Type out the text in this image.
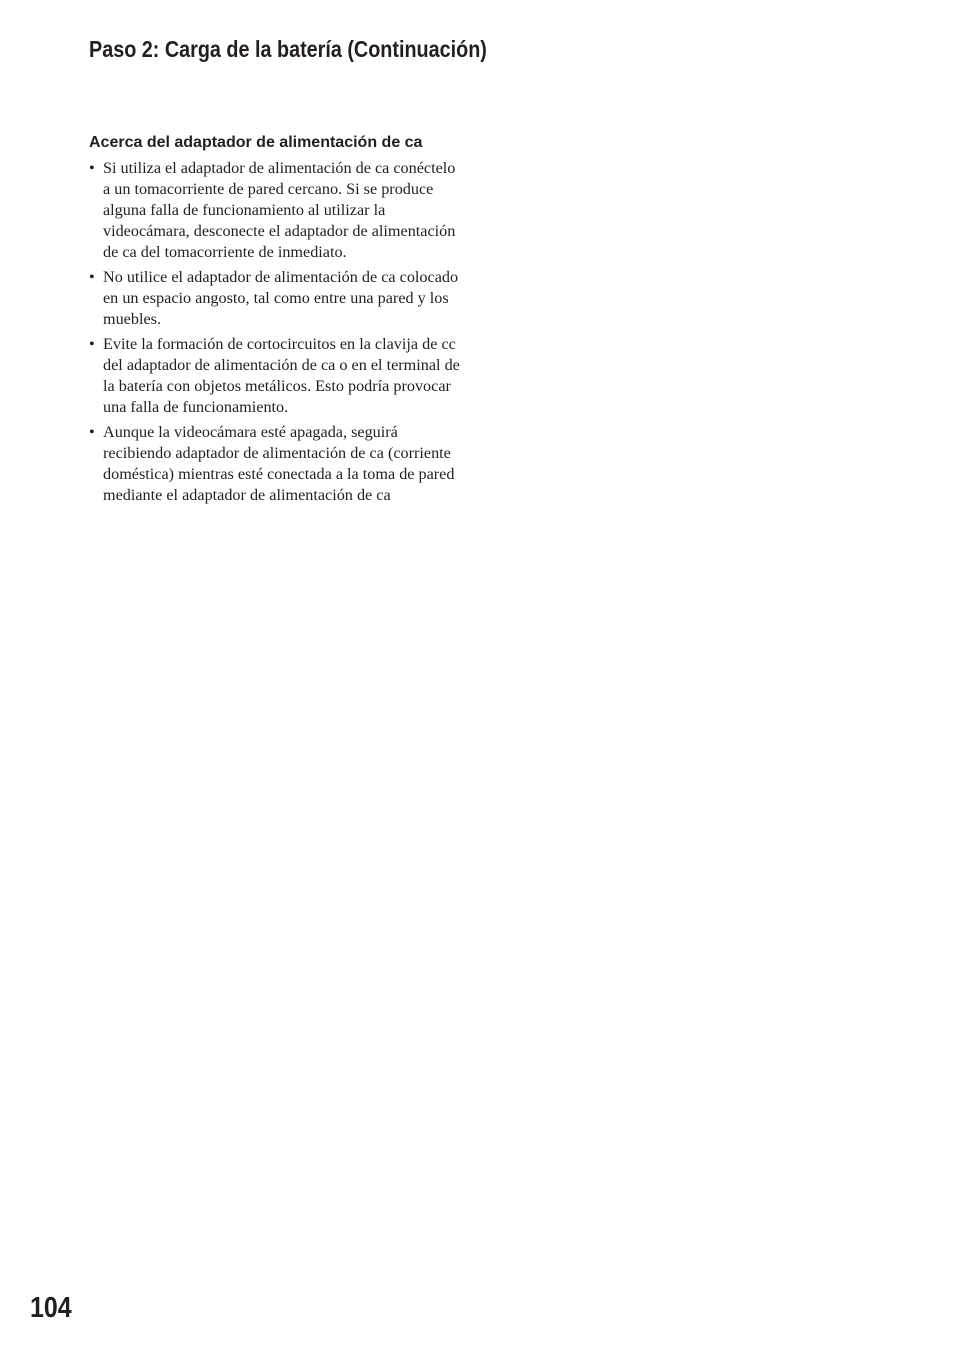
Paso 2: Carga de la batería (Continuación)
Acerca del adaptador de alimentación de ca
• Si utiliza el adaptador de alimentación de ca conéctelo a un tomacorriente de pared cercano. Si se produce alguna falla de funcionamiento al utilizar la videocámara, desconecte el adaptador de alimentación de ca del tomacorriente de inmediato.
• No utilice el adaptador de alimentación de ca colocado en un espacio angosto, tal como entre una pared y los muebles.
• Evite la formación de cortocircuitos en la clavija de cc del adaptador de alimentación de ca o en el terminal de la batería con objetos metálicos. Esto podría provocar una falla de funcionamiento.
• Aunque la videocámara esté apagada, seguirá recibiendo adaptador de alimentación de ca (corriente doméstica) mientras esté conectada a la toma de pared mediante el adaptador de alimentación de ca
104
